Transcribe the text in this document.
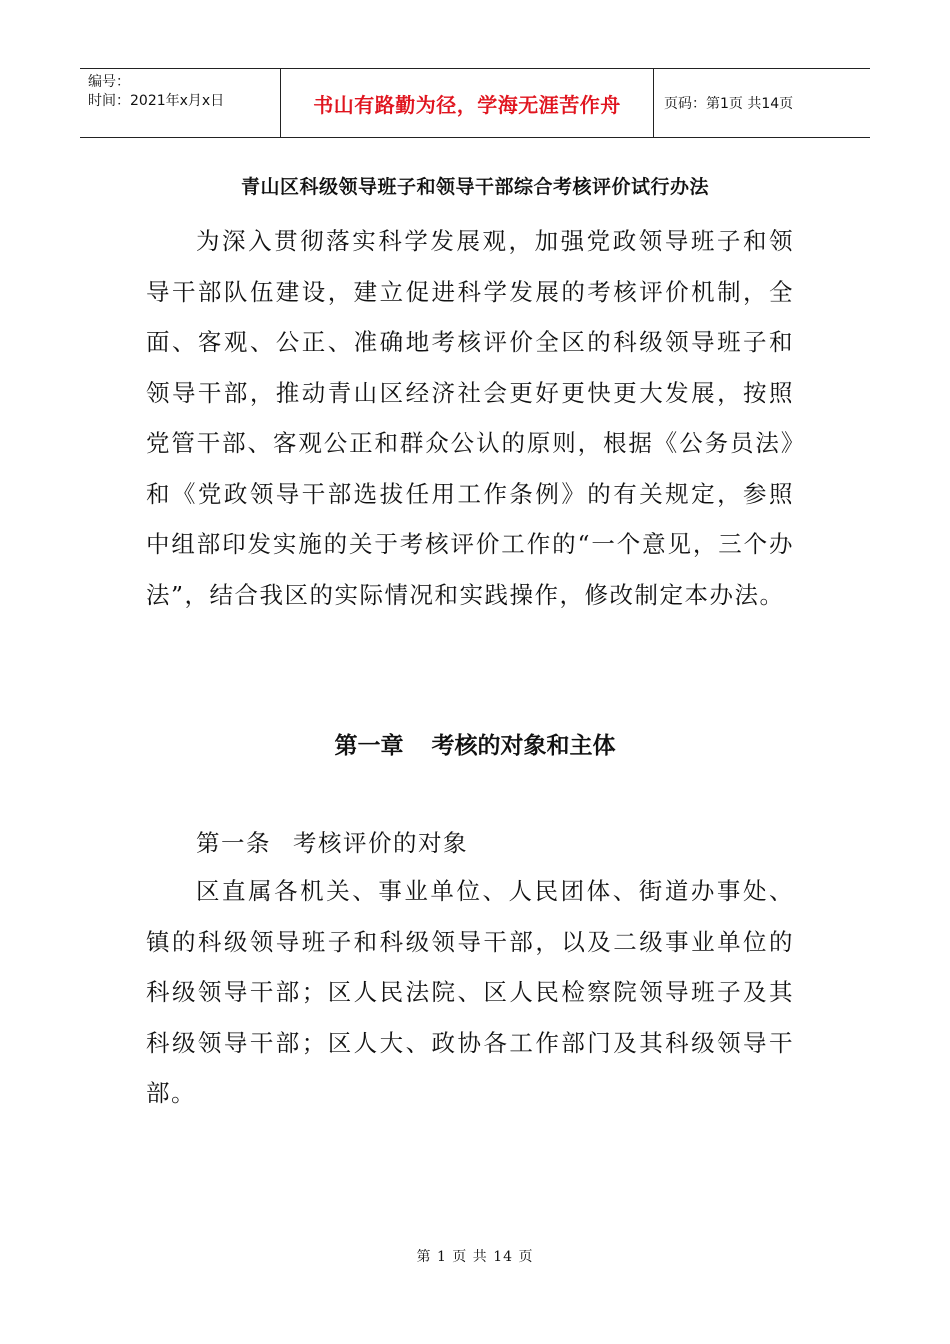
编号：
时间：2021年x月x日	书山有路勤为径，学海无涯苦作舟	页码：第1页 共14页
青山区科级领导班子和领导干部综合考核评价试行办法

为深入贯彻落实科学发展观，加强党政领导班子和领导干部队伍建设，建立促进科学发展的考核评价机制，全面、客观、公正、准确地考核评价全区的科级领导班子和领导干部，推动青山区经济社会更好更快更大发展，按照党管干部、客观公正和群众公认的原则，根据《公务员法》和《党政领导干部选拔任用工作条例》的有关规定，参照中组部印发实施的关于考核评价工作的“一个意见，三个办法”，结合我区的实际情况和实践操作，修改制定本办法。

第一章 考核的对象和主体
第一条 考核评价的对象

区直属各机关、事业单位、人民团体、街道办事处、镇的科级领导班子和科级领导干部，以及二级事业单位的科级领导干部；区人民法院、区人民检察院领导班子及其科级领导干部；区人大、政协各工作部门及其科级领导干部。

第 1 页 共 14 页
